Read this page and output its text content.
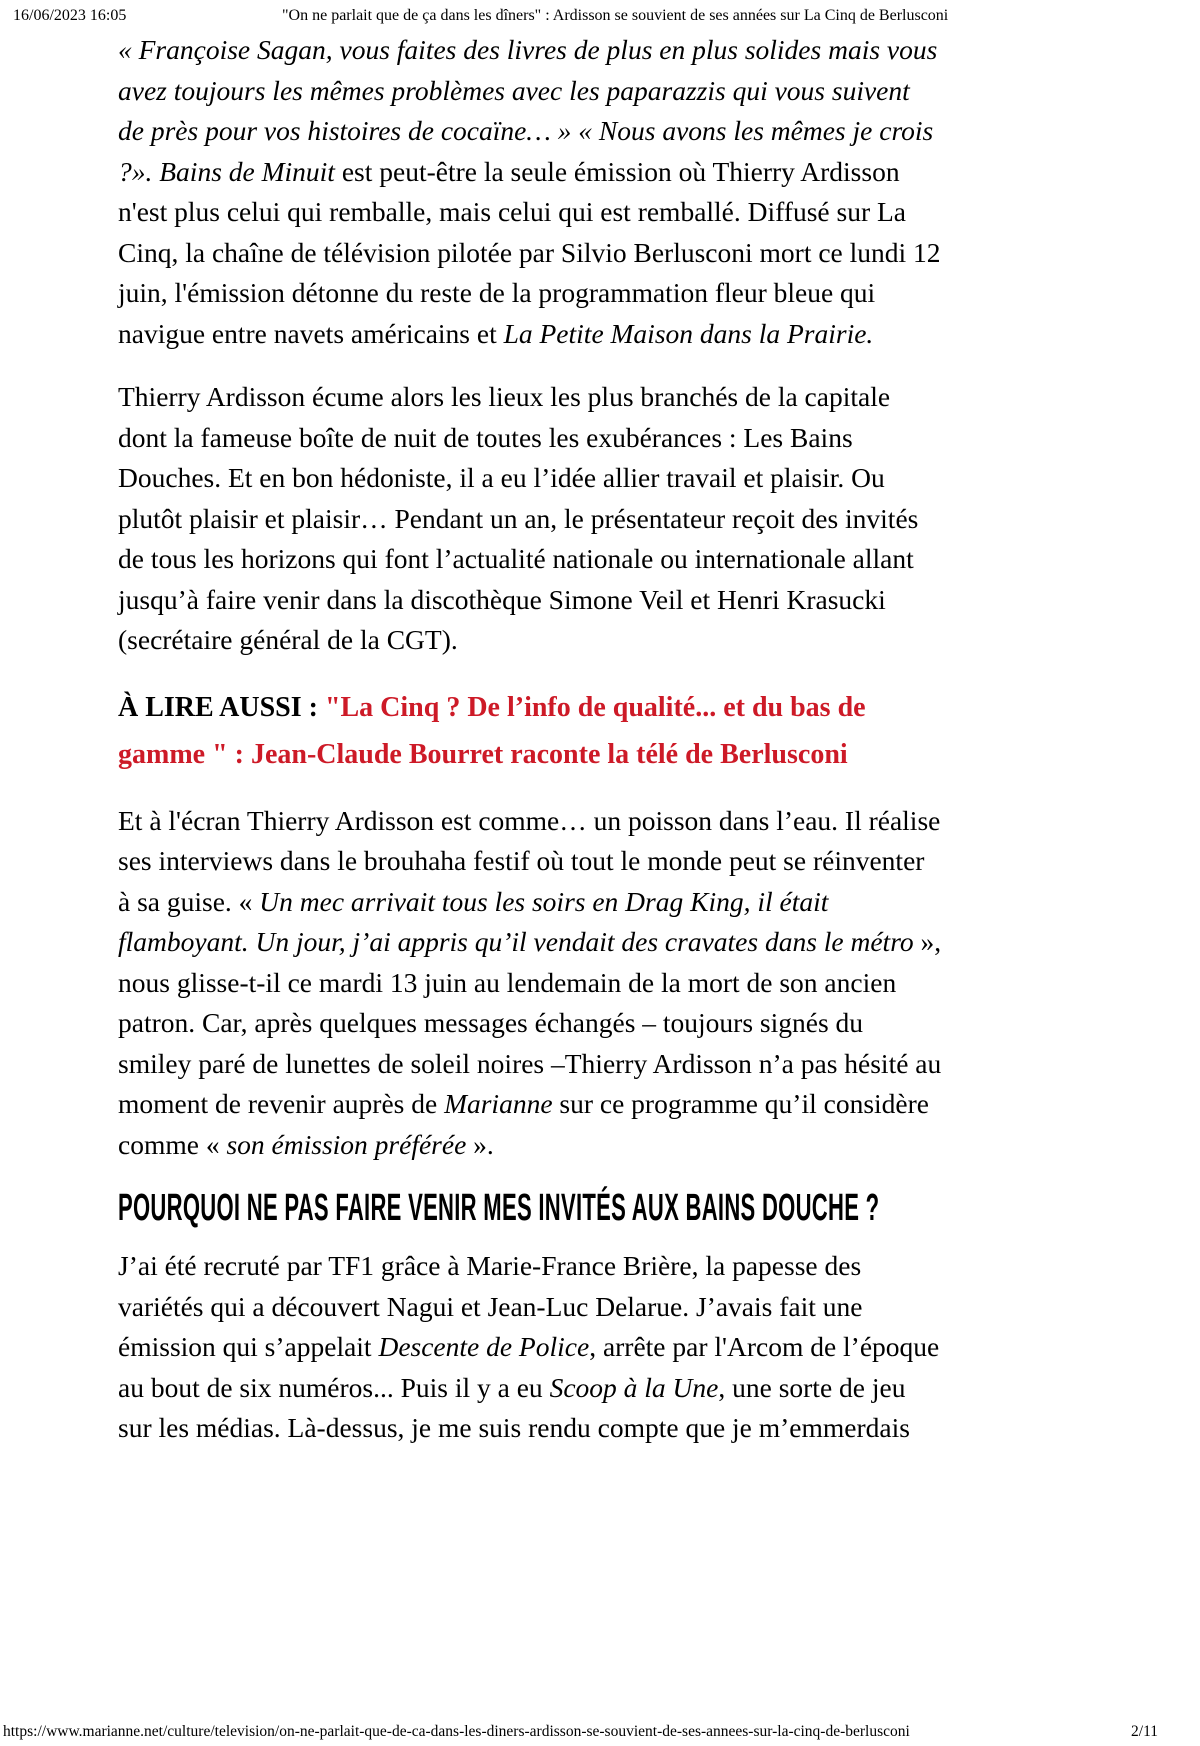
16/06/2023 16:05	"On ne parlait que de ça dans les dîners" : Ardisson se souvient de ses années sur La Cinq de Berlusconi

« Françoise Sagan, vous faites des livres de plus en plus solides mais vous avez toujours les mêmes problèmes avec les paparazzis qui vous suivent de près pour vos histoires de cocaïne… » « Nous avons les mêmes je crois ?». Bains de Minuit est peut-être la seule émission où Thierry Ardisson n'est plus celui qui remballe, mais celui qui est remballé. Diffusé sur La Cinq, la chaîne de télévision pilotée par Silvio Berlusconi mort ce lundi 12 juin, l'émission détonne du reste de la programmation fleur bleue qui navigue entre navets américains et La Petite Maison dans la Prairie.

Thierry Ardisson écume alors les lieux les plus branchés de la capitale dont la fameuse boîte de nuit de toutes les exubérances : Les Bains Douches. Et en bon hédoniste, il a eu l’idée allier travail et plaisir. Ou plutôt plaisir et plaisir… Pendant un an, le présentateur reçoit des invités de tous les horizons qui font l’actualité nationale ou internationale allant jusqu’à faire venir dans la discothèque Simone Veil et Henri Krasucki (secrétaire général de la CGT).

À LIRE AUSSI : "La Cinq ? De l’info de qualité... et du bas de gamme " : Jean-Claude Bourret raconte la télé de Berlusconi

Et à l'écran Thierry Ardisson est comme… un poisson dans l’eau. Il réalise ses interviews dans le brouhaha festif où tout le monde peut se réinventer à sa guise. « Un mec arrivait tous les soirs en Drag King, il était flamboyant. Un jour, j’ai appris qu’il vendait des cravates dans le métro », nous glisse-t-il ce mardi 13 juin au lendemain de la mort de son ancien patron. Car, après quelques messages échangés – toujours signés du smiley paré de lunettes de soleil noires –Thierry Ardisson n’a pas hésité au moment de revenir auprès de Marianne sur ce programme qu’il considère comme « son émission préférée ».

POURQUOI NE PAS FAIRE VENIR MES INVITÉS AUX BAINS DOUCHE ?

J’ai été recruté par TF1 grâce à Marie-France Brière, la papesse des variétés qui a découvert Nagui et Jean-Luc Delarue. J’avais fait une émission qui s’appelait Descente de Police, arrête par l'Arcom de l’époque au bout de six numéros... Puis il y a eu Scoop à la Une, une sorte de jeu sur les médias. Là-dessus, je me suis rendu compte que je m’emmerdais

https://www.marianne.net/culture/television/on-ne-parlait-que-de-ca-dans-les-diners-ardisson-se-souvient-de-ses-annees-sur-la-cinq-de-berlusconi	2/11
